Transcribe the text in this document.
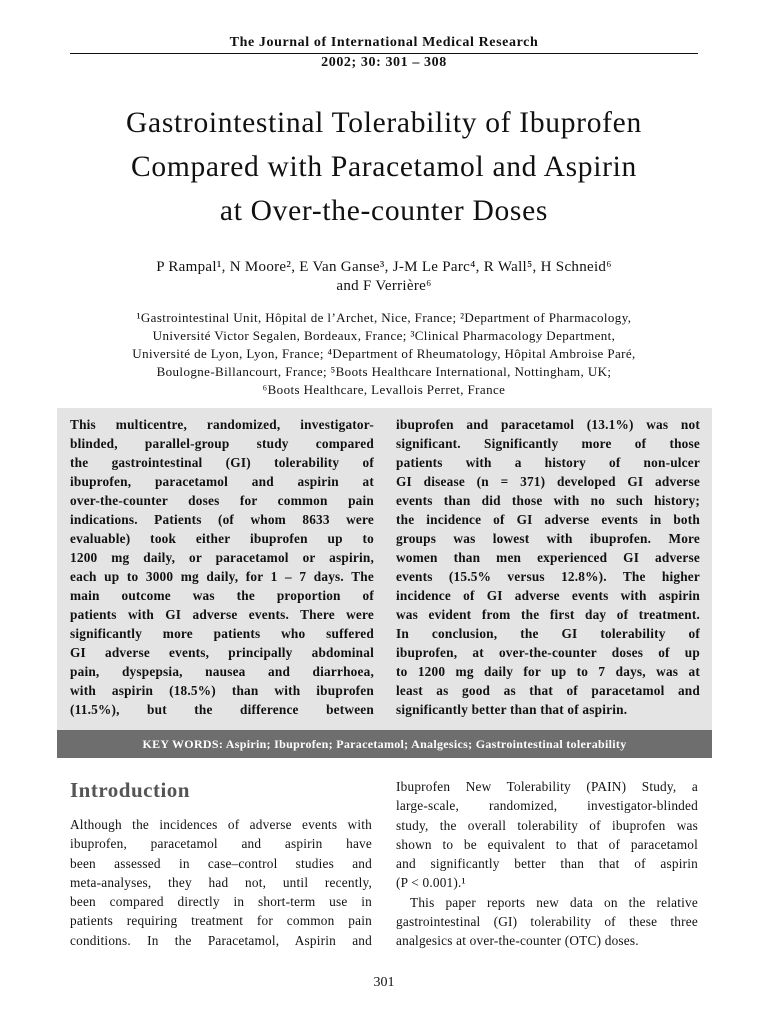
The Journal of International Medical Research
2002; 30: 301 – 308
Gastrointestinal Tolerability of Ibuprofen
Compared with Paracetamol and Aspirin
at Over-the-counter Doses
P Rampal¹, N Moore², E Van Ganse³, J-M Le Parc⁴, R Wall⁵, H Schneid⁶
and F Verrière⁶
¹Gastrointestinal Unit, Hôpital de l’Archet, Nice, France; ²Department of Pharmacology,
Université Victor Segalen, Bordeaux, France; ³Clinical Pharmacology Department,
Université de Lyon, Lyon, France; ⁴Department of Rheumatology, Hôpital Ambroise Paré,
Boulogne-Billancourt, France; ⁵Boots Healthcare International, Nottingham, UK;
⁶Boots Healthcare, Levallois Perret, France
This multicentre, randomized, investigator-
blinded, parallel-group study compared
the gastrointestinal (GI) tolerability of
ibuprofen, paracetamol and aspirin at
over-the-counter doses for common pain
indications. Patients (of whom 8633 were
evaluable) took either ibuprofen up to
1200 mg daily, or paracetamol or aspirin,
each up to 3000 mg daily, for 1 – 7 days. The
main outcome was the proportion of
patients with GI adverse events. There were
significantly more patients who suffered
GI adverse events, principally abdominal
pain, dyspepsia, nausea and diarrhoea,
with aspirin (18.5%) than with ibuprofen
(11.5%), but the difference between
ibuprofen and paracetamol (13.1%) was not
significant. Significantly more of those
patients with a history of non-ulcer
GI disease (n = 371) developed GI adverse
events than did those with no such history;
the incidence of GI adverse events in both
groups was lowest with ibuprofen. More
women than men experienced GI adverse
events (15.5% versus 12.8%). The higher
incidence of GI adverse events with aspirin
was evident from the first day of treatment.
In conclusion, the GI tolerability of
ibuprofen, at over-the-counter doses of up
to 1200 mg daily for up to 7 days, was at
least as good as that of paracetamol and
significantly better than that of aspirin.
KEY WORDS: Aspirin; Ibuprofen; Paracetamol; Analgesics; Gastrointestinal tolerability
Introduction
Although the incidences of adverse events with
ibuprofen, paracetamol and aspirin have
been assessed in case–control studies and
meta-analyses, they had not, until recently,
been compared directly in short-term use in
patients requiring treatment for common pain
conditions. In the Paracetamol, Aspirin and
Ibuprofen New Tolerability (PAIN) Study, a
large-scale, randomized, investigator-blinded
study, the overall tolerability of ibuprofen was
shown to be equivalent to that of paracetamol
and significantly better than that of aspirin
(P < 0.001).¹
This paper reports new data on the relative
gastrointestinal (GI) tolerability of these three
analgesics at over-the-counter (OTC) doses.
301
